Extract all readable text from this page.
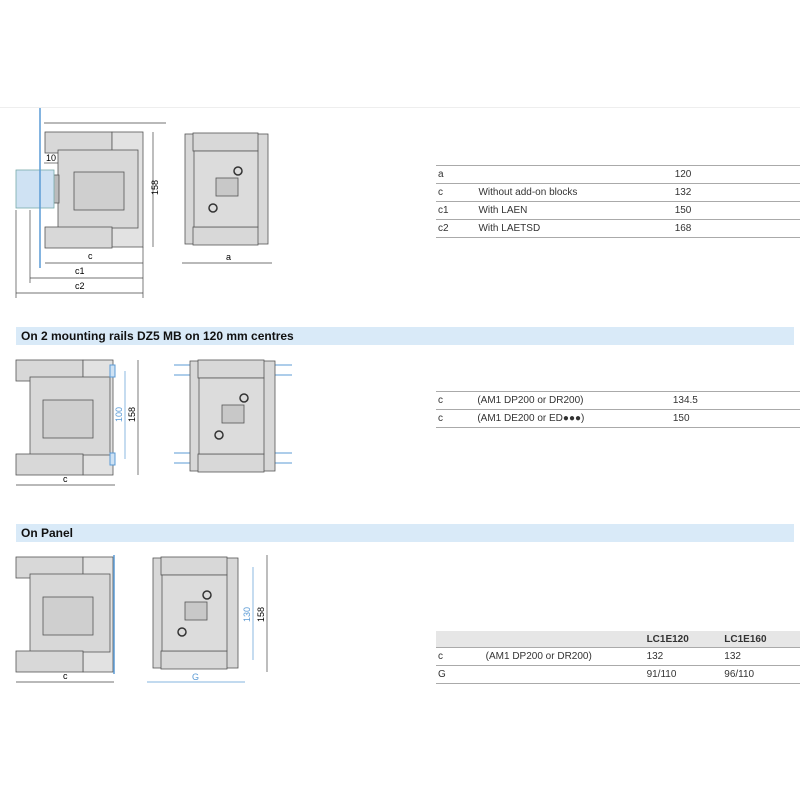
10
158
c
c1
c2
a
a		120	
c	Without add-on blocks	132	
c1	With LAEN	150	
c2	With LAETSD	168	
On 2 mounting rails DZ5 MB on 120 mm centres
c
100 158
c	(AM1 DP200 or DR200)	134.5	
c	(AM1 DE200 or ED●●●)	150	
On Panel
c
130 158
G
		LC1E120	LC1E160
c	(AM1 DP200 or DR200)	132	132
G		91/110	96/110
